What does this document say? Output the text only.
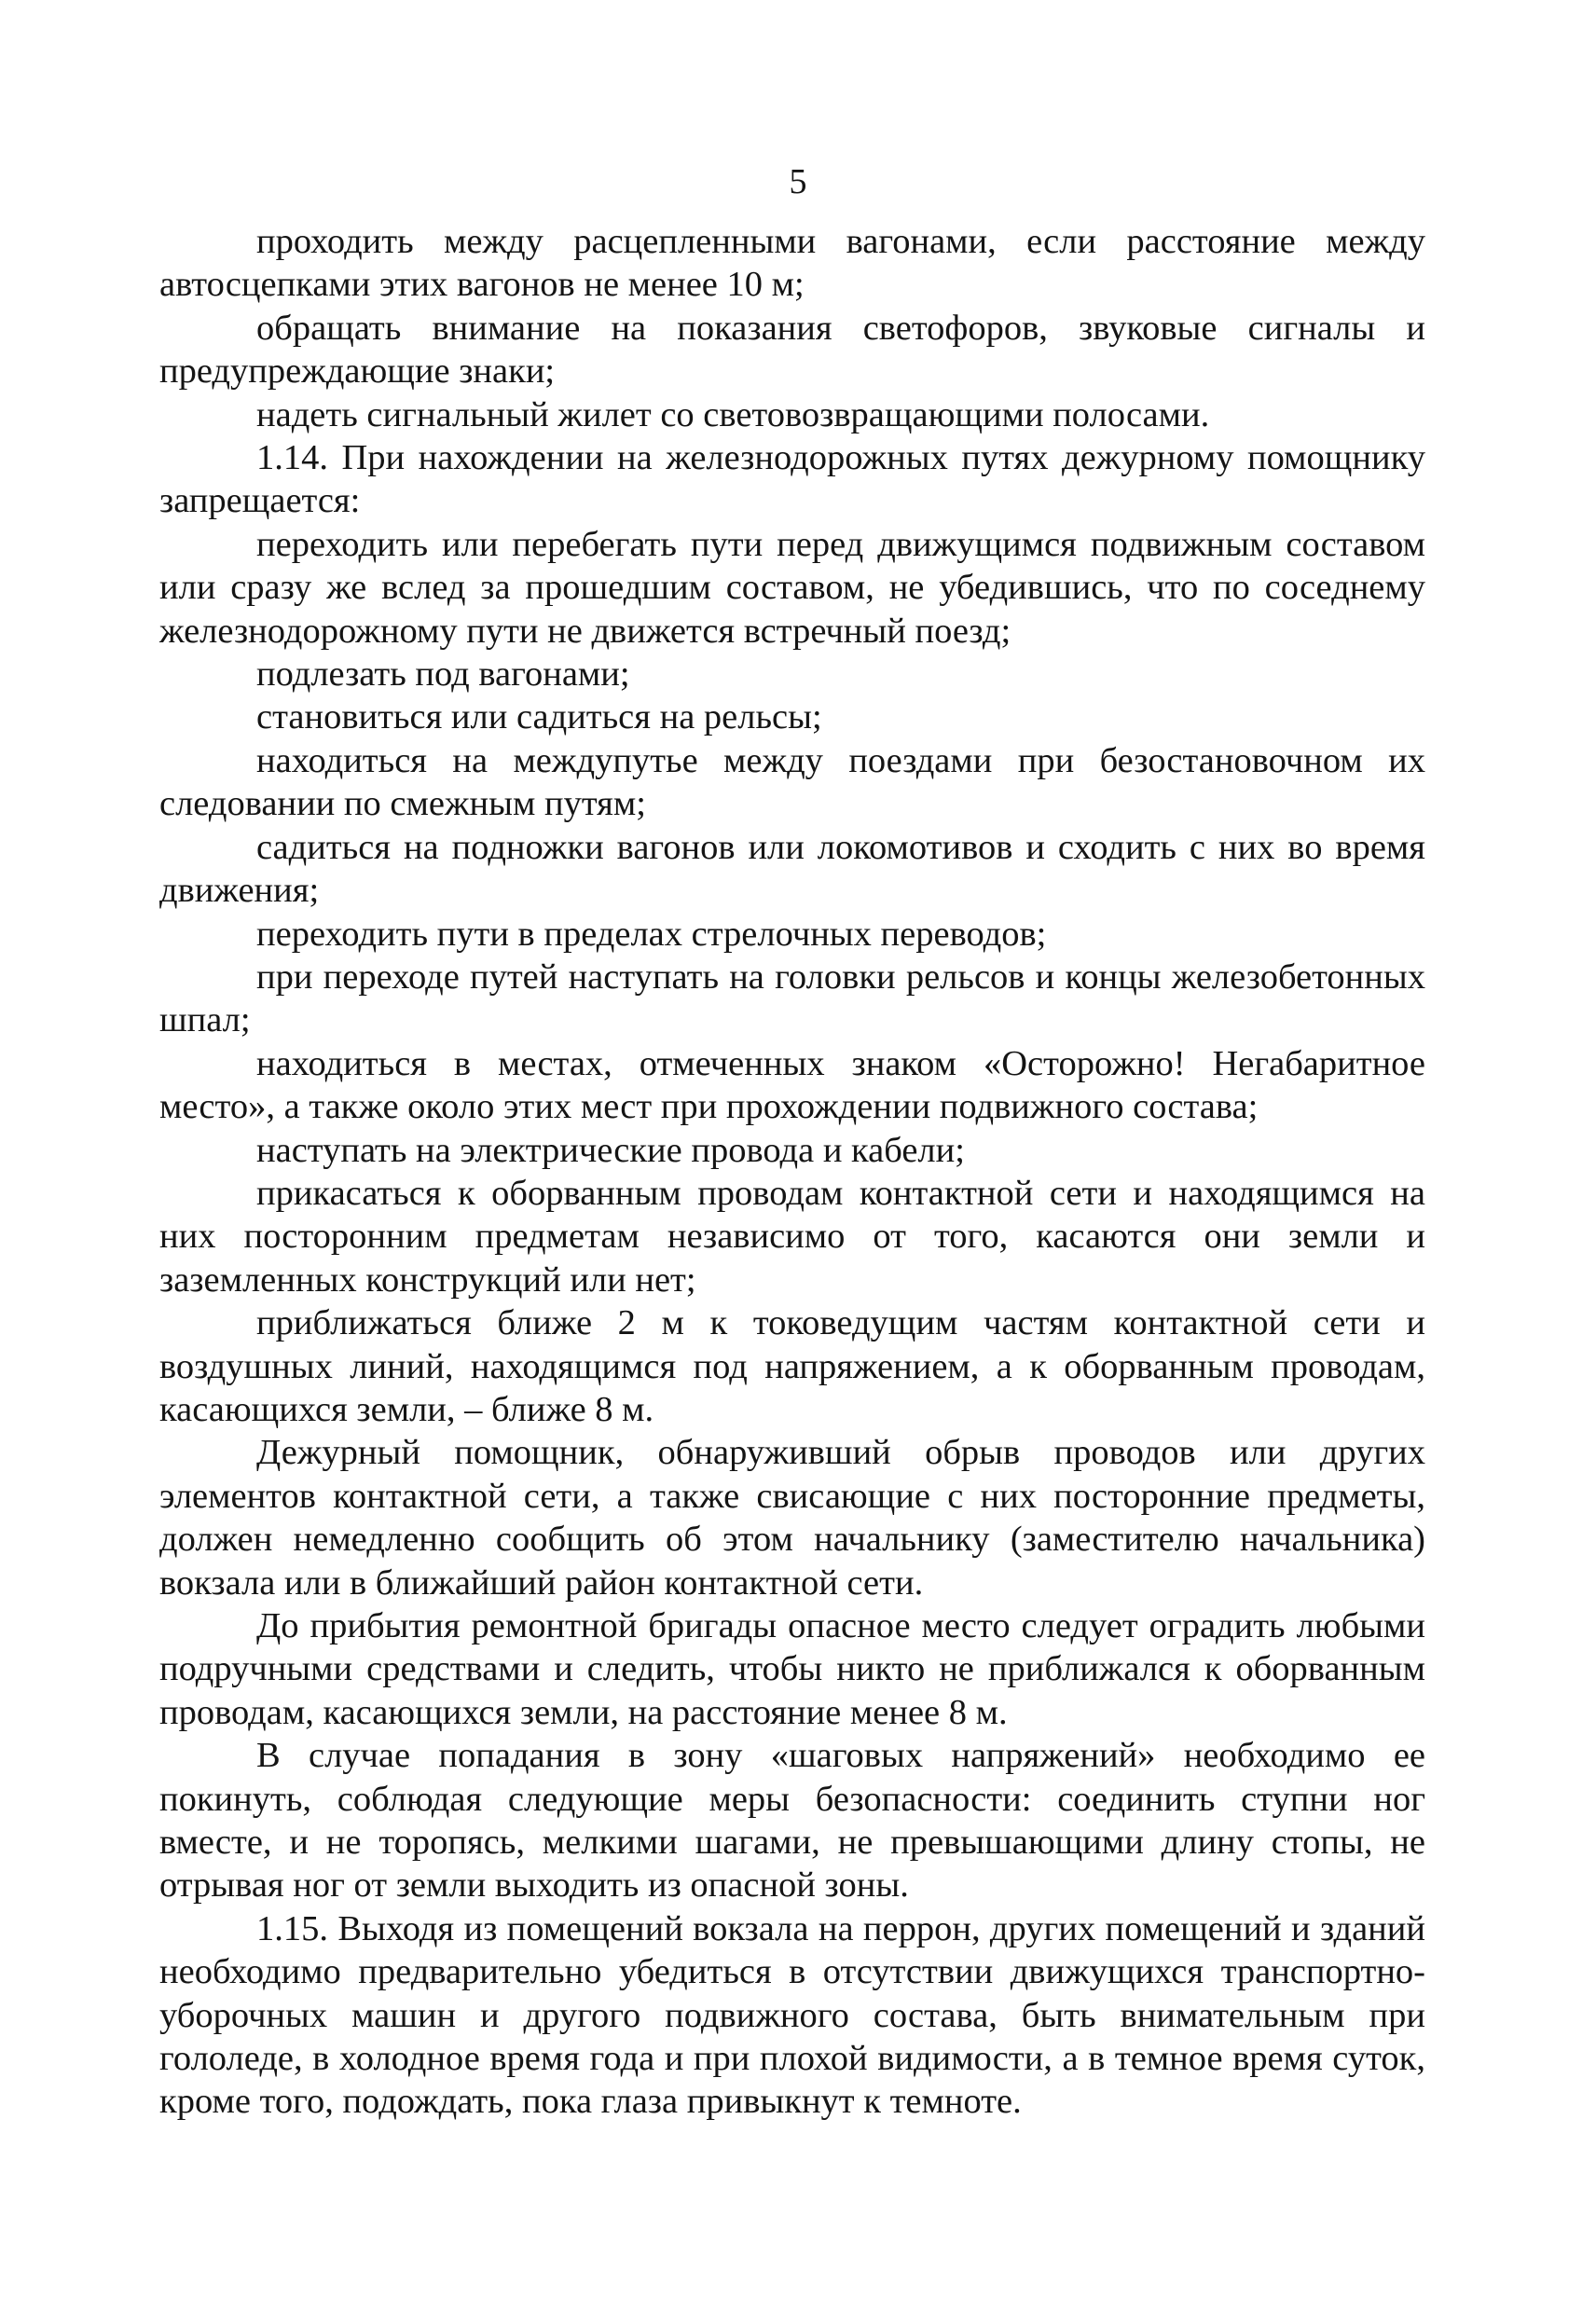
5

проходить между расцепленными вагонами, если расстояние между автосцепками этих вагонов не менее 10 м;

обращать внимание на показания светофоров, звуковые сигналы и предупреждающие знаки;

надеть сигнальный жилет со световозвращающими полосами.

1.14. При нахождении на железнодорожных путях дежурному помощнику запрещается:

переходить или перебегать пути перед движущимся подвижным составом или сразу же вслед за прошедшим составом, не убедившись, что по соседнему железнодорожному пути не движется встречный поезд;

подлезать под вагонами;

становиться или садиться на рельсы;

находиться на междупутье между поездами при безостановочном их следовании по смежным путям;

садиться на подножки вагонов или локомотивов и сходить с них во время движения;

переходить пути в пределах стрелочных переводов;

при переходе путей наступать на головки рельсов и концы железобетонных шпал;

находиться в местах, отмеченных знаком «Осторожно! Негабаритное место», а также около этих мест при прохождении подвижного состава;

наступать на электрические провода и кабели;

прикасаться к оборванным проводам контактной сети и находящимся на них посторонним предметам независимо от того, касаются они земли и заземленных конструкций или нет;

приближаться ближе 2 м к токоведущим частям контактной сети и воздушных линий, находящимся под напряжением, а к оборванным проводам, касающихся земли, – ближе 8 м.

Дежурный помощник, обнаруживший обрыв проводов или других элементов контактной сети, а также свисающие с них посторонние предметы, должен немедленно сообщить об этом начальнику (заместителю начальника) вокзала или в ближайший район контактной сети.

До прибытия ремонтной бригады опасное место следует оградить любыми подручными средствами и следить, чтобы никто не приближался к оборванным проводам, касающихся земли, на расстояние менее 8 м.

В случае попадания в зону «шаговых напряжений» необходимо ее покинуть, соблюдая следующие меры безопасности: соединить ступни ног вместе, и не торопясь, мелкими шагами, не превышающими длину стопы, не отрывая ног от земли выходить из опасной зоны.

1.15. Выходя из помещений вокзала на перрон, других помещений и зданий необходимо предварительно убедиться в отсутствии движущихся транспортно-уборочных машин и другого подвижного состава, быть внимательным при гололеде, в холодное время года и при плохой видимости, а в темное время суток, кроме того, подождать, пока глаза привыкнут к темноте.
